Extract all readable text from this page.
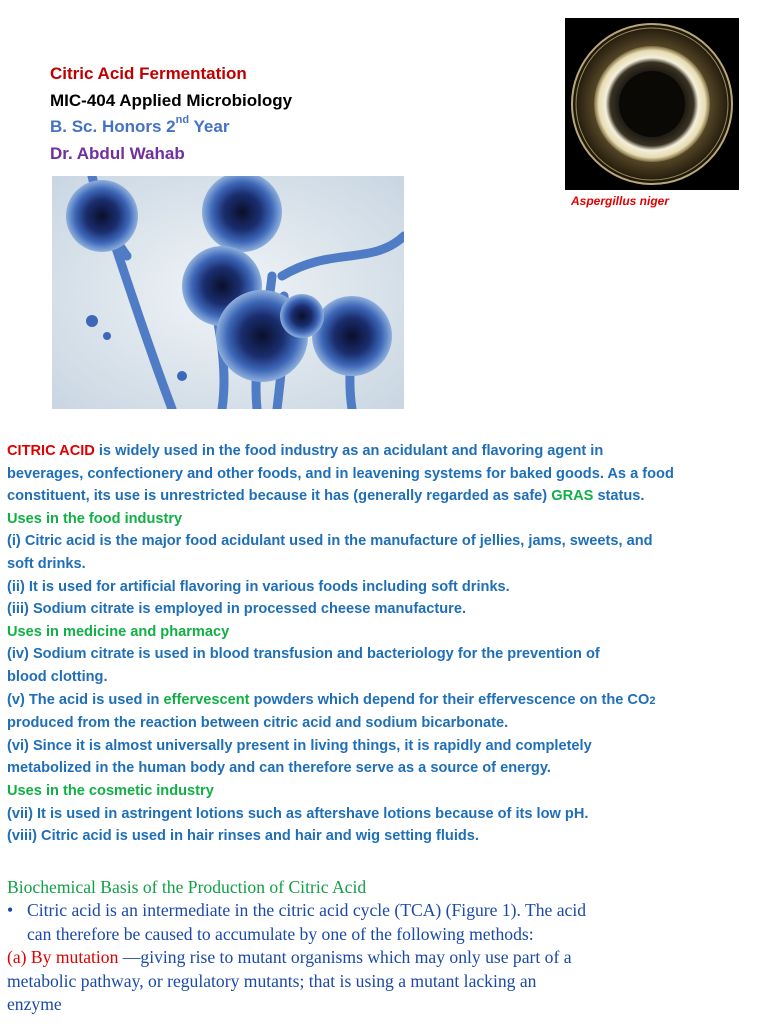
Citric Acid Fermentation
MIC-404 Applied Microbiology
B. Sc. Honors 2nd Year
Dr. Abdul Wahab
Aspergillus niger
CITRIC ACID is widely used in the food industry as an acidulant and flavoring agent in
beverages, confectionery and other foods, and in leavening systems for baked goods. As a food
constituent, its use is unrestricted because it has (generally regarded as safe) GRAS status.
Uses in the food industry
(i) Citric acid is the major food acidulant used in the manufacture of jellies, jams, sweets, and
soft drinks.
(ii) It is used for artificial flavoring in various foods including soft drinks.
(iii) Sodium citrate is employed in processed cheese manufacture.
Uses in medicine and pharmacy
(iv) Sodium citrate is used in blood transfusion and bacteriology for the prevention of
blood clotting.
(v) The acid is used in effervescent powders which depend for their effervescence on the CO2
produced from the reaction between citric acid and sodium bicarbonate.
(vi) Since it is almost universally present in living things, it is rapidly and completely
metabolized in the human body and can therefore serve as a source of energy.
Uses in the cosmetic industry
(vii) It is used in astringent lotions such as aftershave lotions because of its low pH.
(viii) Citric acid is used in hair rinses and hair and wig setting fluids.
Biochemical Basis of the Production of Citric Acid
• Citric acid is an intermediate in the citric acid cycle (TCA) (Figure 1). The acid
can therefore be caused to accumulate by one of the following methods:
(a) By mutation —giving rise to mutant organisms which may only use part of a
metabolic pathway, or regulatory mutants; that is using a mutant lacking an
enzyme
